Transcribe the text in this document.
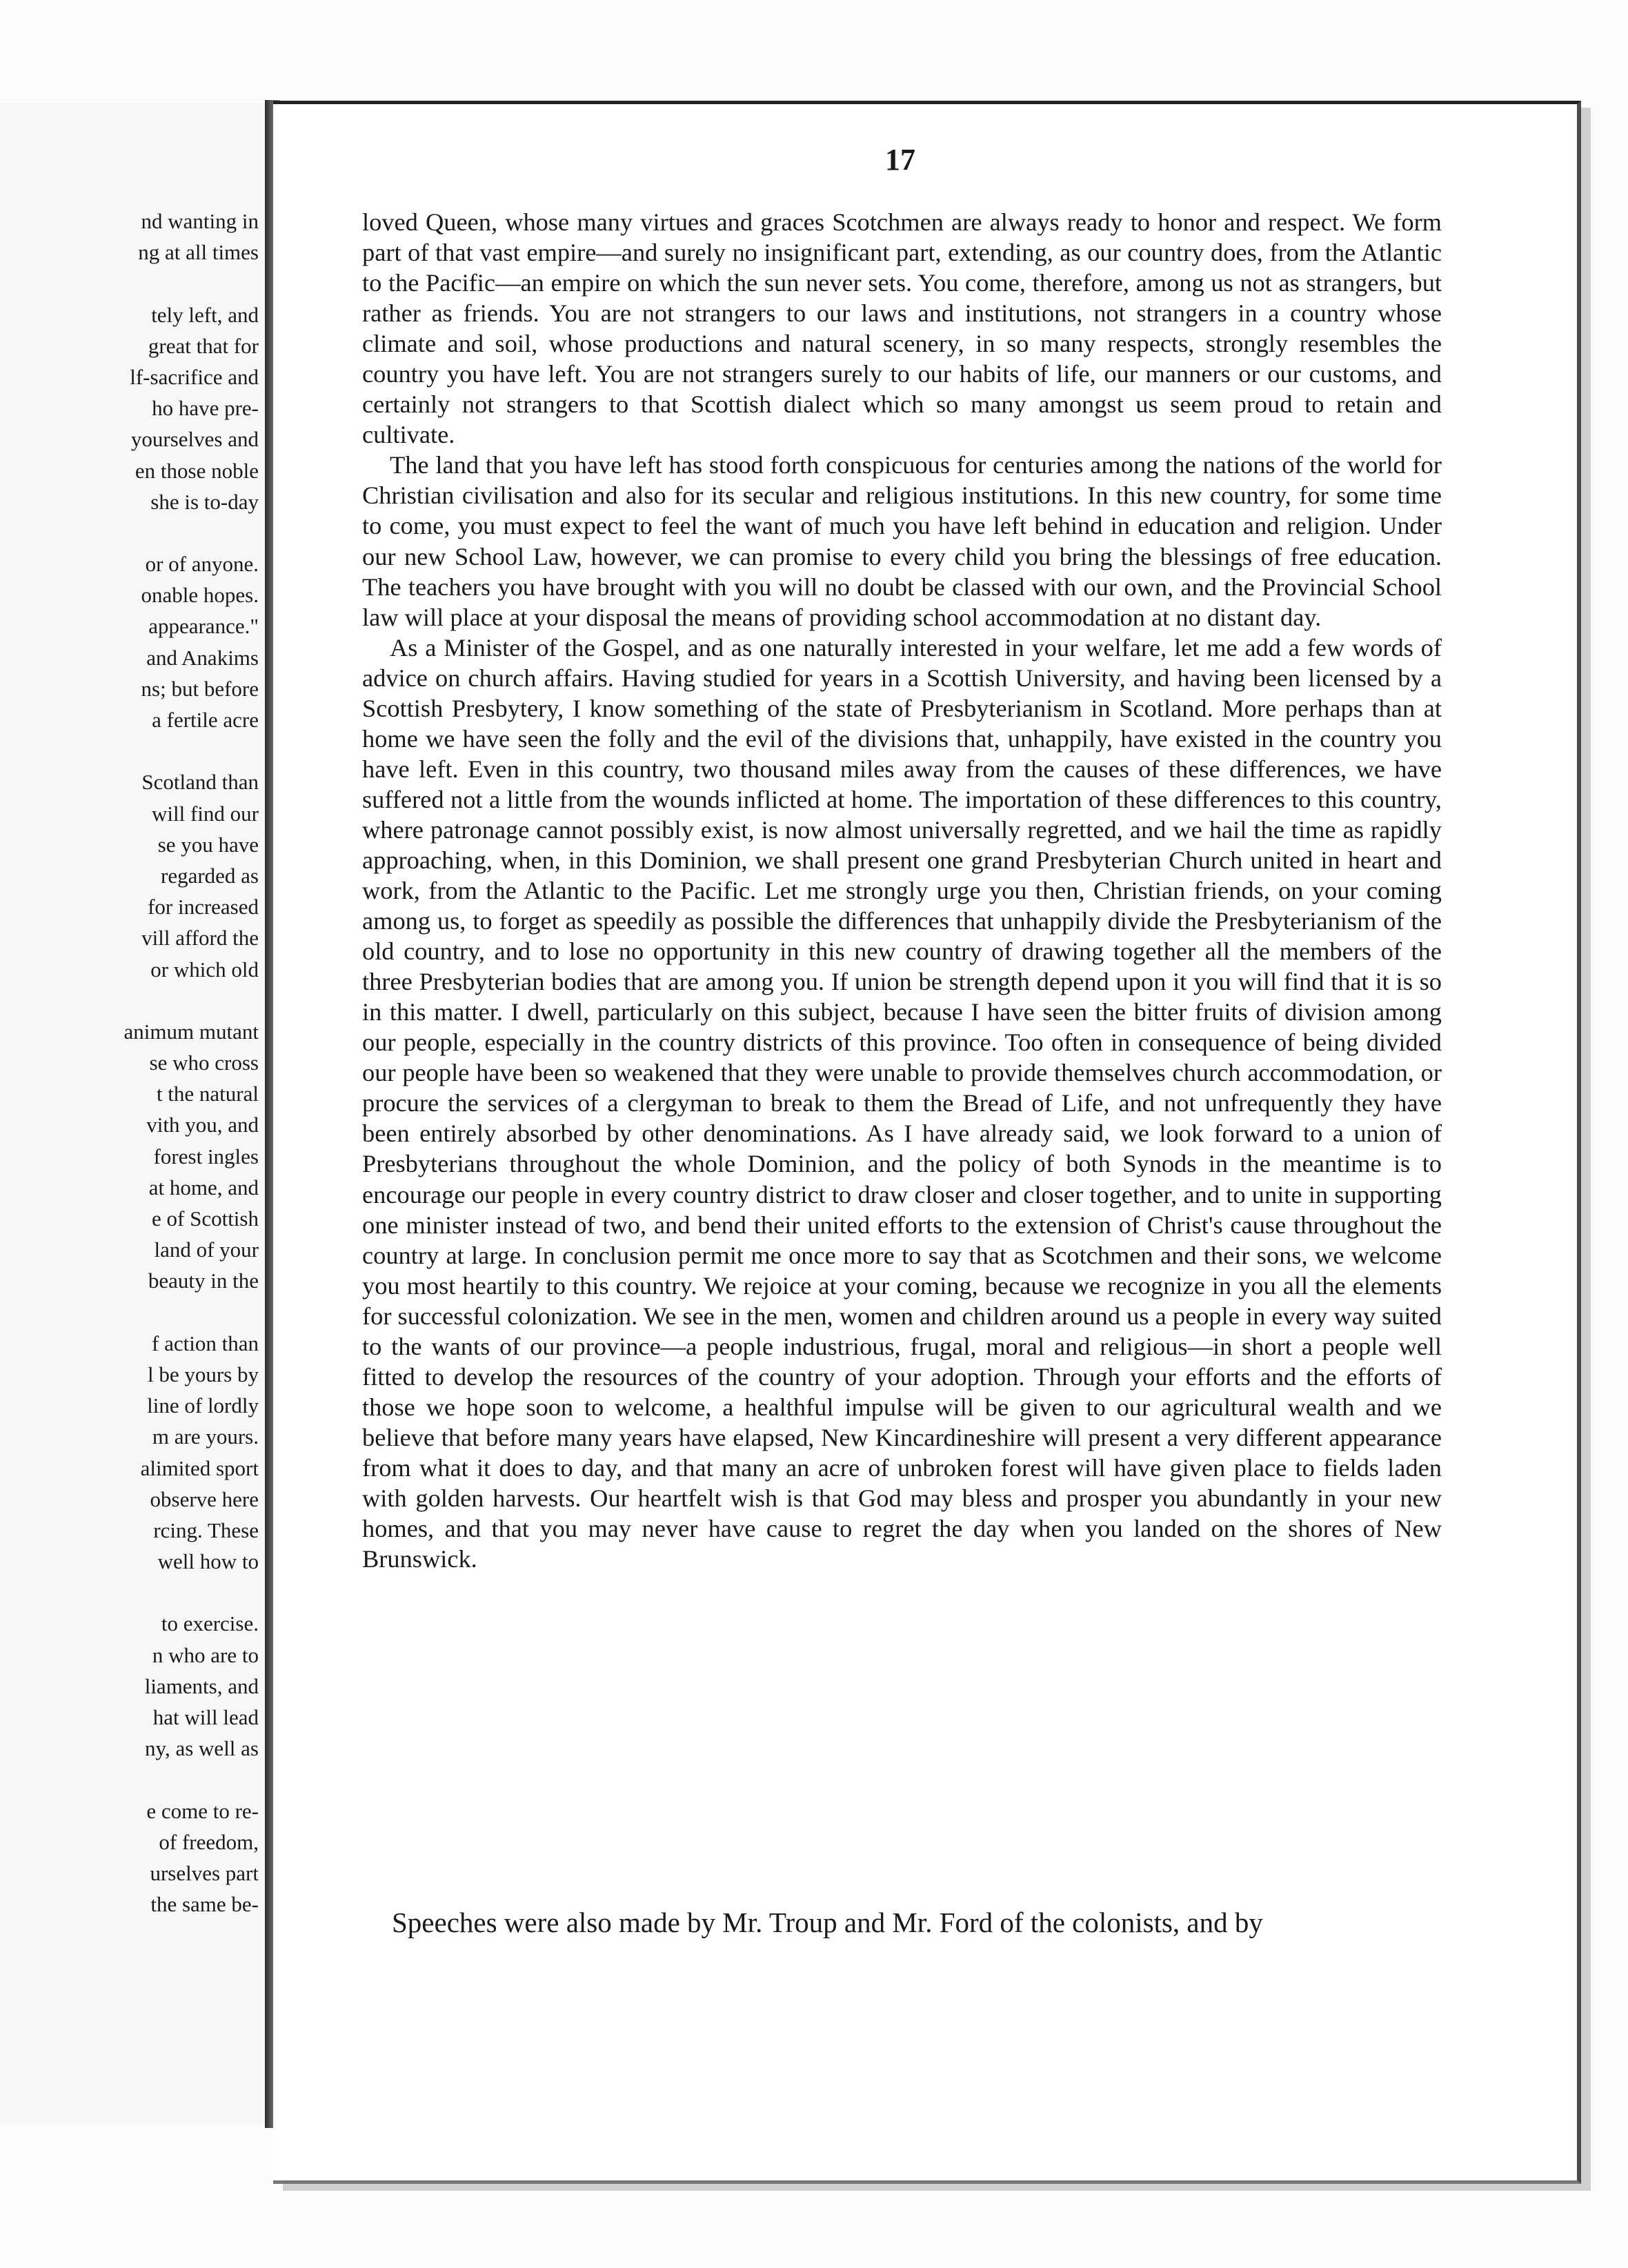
nd wanting in
ng at all times
tely left, and
great that for
lf-sacrifice and
ho have pre-
yourselves and
en those noble
she is to-day
or of anyone.
onable hopes.
appearance."
and Anakims
ns; but before
a fertile acre
Scotland than
will find our
se you have
regarded as
for increased
vill afford the
or which old
animum mutant
se who cross
t the natural
vith you, and
forest ingles
at home, and
e of Scottish
land of your
beauty in the
f action than
l be yours by
line of lordly
m are yours.
alimited sport
observe here
rcing. These
well how to
to exercise.
n who are to
liaments, and
hat will lead
ny, as well as
e come to re-
of freedom,
urselves part
the same be-
17

loved Queen, whose many virtues and graces Scotchmen are always ready to honor and respect. We form part of that vast empire—and surely no insignificant part, extending, as our country does, from the Atlantic to the Pacific—an empire on which the sun never sets. You come, therefore, among us not as strangers, but rather as friends. You are not strangers to our laws and institutions, not strangers in a country whose climate and soil, whose productions and natural scenery, in so many respects, strongly resembles the country you have left. You are not strangers surely to our habits of life, our manners or our customs, and certainly not strangers to that Scottish dialect which so many amongst us seem proud to retain and cultivate.

The land that you have left has stood forth conspicuous for centuries among the nations of the world for Christian civilisation and also for its secular and religious institutions. In this new country, for some time to come, you must expect to feel the want of much you have left behind in education and religion. Under our new School Law, however, we can promise to every child you bring the blessings of free education. The teachers you have brought with you will no doubt be classed with our own, and the Provincial School law will place at your disposal the means of providing school accommodation at no distant day.

As a Minister of the Gospel, and as one naturally interested in your welfare, let me add a few words of advice on church affairs. Having studied for years in a Scottish University, and having been licensed by a Scottish Presbytery, I know something of the state of Presbyterianism in Scotland. More perhaps than at home we have seen the folly and the evil of the divisions that, unhappily, have existed in the country you have left. Even in this country, two thousand miles away from the causes of these differences, we have suffered not a little from the wounds inflicted at home. The importation of these differences to this country, where patronage cannot possibly exist, is now almost universally regretted, and we hail the time as rapidly approaching, when, in this Dominion, we shall present one grand Presbyterian Church united in heart and work, from the Atlantic to the Pacific. Let me strongly urge you then, Christian friends, on your coming among us, to forget as speedily as possible the differences that unhappily divide the Presbyterianism of the old country, and to lose no opportunity in this new country of drawing together all the members of the three Presbyterian bodies that are among you. If union be strength depend upon it you will find that it is so in this matter. I dwell, particularly on this subject, because I have seen the bitter fruits of division among our people, especially in the country districts of this province. Too often in consequence of being divided our people have been so weakened that they were unable to provide themselves church accommodation, or procure the services of a clergyman to break to them the Bread of Life, and not unfrequently they have been entirely absorbed by other denominations. As I have already said, we look forward to a union of Presbyterians throughout the whole Dominion, and the policy of both Synods in the meantime is to encourage our people in every country district to draw closer and closer together, and to unite in supporting one minister instead of two, and bend their united efforts to the extension of Christ's cause throughout the country at large. In conclusion permit me once more to say that as Scotchmen and their sons, we welcome you most heartily to this country. We rejoice at your coming, because we recognize in you all the elements for successful colonization. We see in the men, women and children around us a people in every way suited to the wants of our province—a people industrious, frugal, moral and religious—in short a people well fitted to develop the resources of the country of your adoption. Through your efforts and the efforts of those we hope soon to welcome, a healthful impulse will be given to our agricultural wealth and we believe that before many years have elapsed, New Kincardineshire will present a very different appearance from what it does to day, and that many an acre of unbroken forest will have given place to fields laden with golden harvests. Our heartfelt wish is that God may bless and prosper you abundantly in your new homes, and that you may never have cause to regret the day when you landed on the shores of New Brunswick.

Speeches were also made by Mr. Troup and Mr. Ford of the colonists, and by
